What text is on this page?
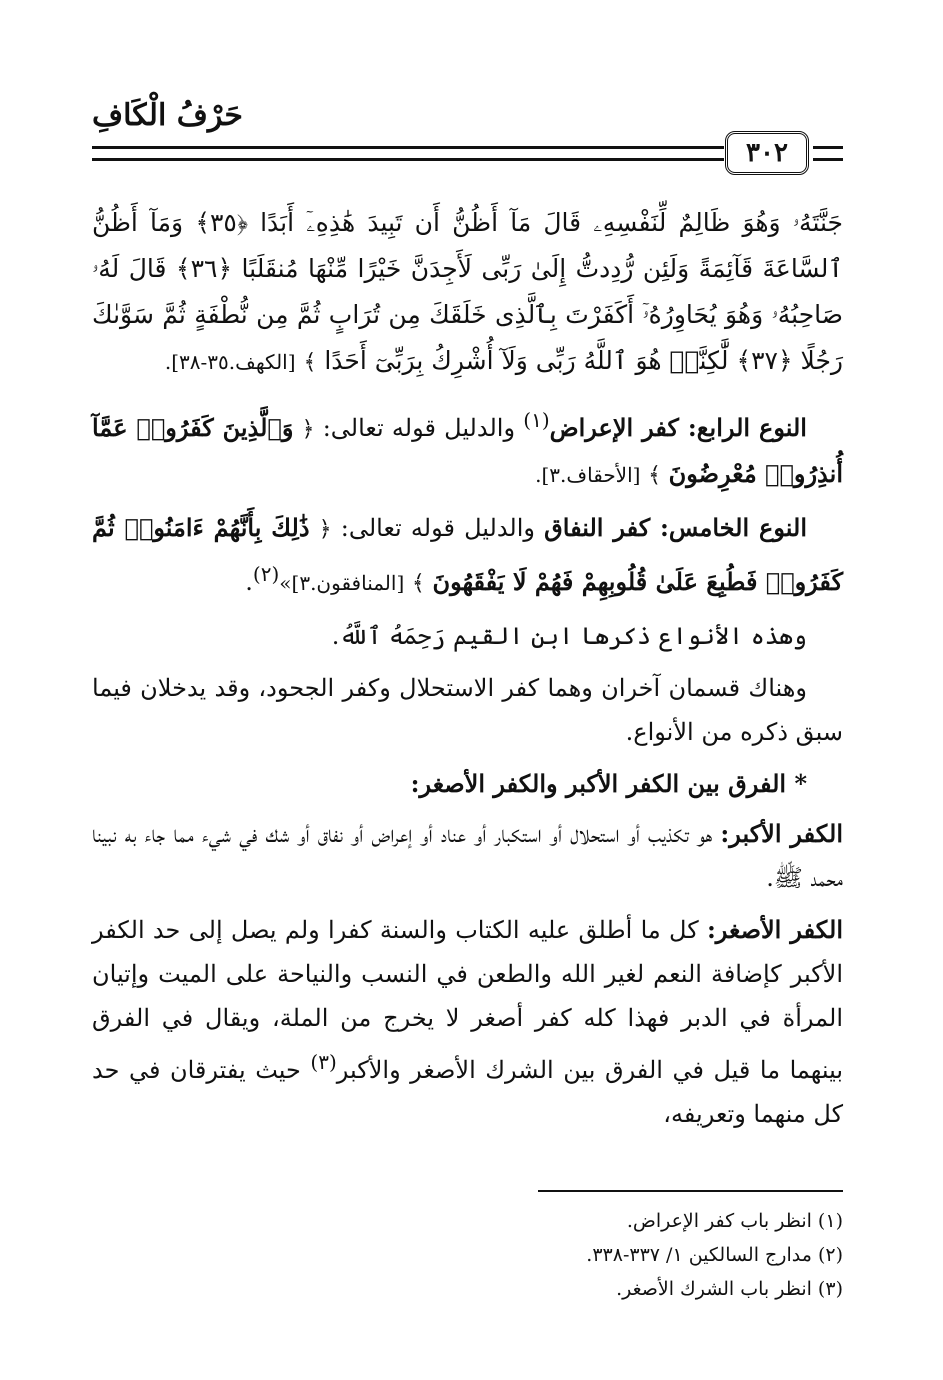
حَرْفُ الْكَافِ
٣٠٢

جَنَّتَهُۥ وَهُوَ ظَالِمٌ لِّنَفْسِهِۦ قَالَ مَآ أَظُنُّ أَن تَبِيدَ هَٰذِهِۦٓ أَبَدًا ﴿٣٥﴾ وَمَآ أَظُنُّ ٱلسَّاعَةَ قَآئِمَةً وَلَئِن رُّدِدتُّ إِلَىٰ رَبِّى لَأَجِدَنَّ خَيْرًا مِّنْهَا مُنقَلَبًا ﴿٣٦﴾ قَالَ لَهُۥ صَاحِبُهُۥ وَهُوَ يُحَاوِرُهُۥٓ أَكَفَرْتَ بِٱلَّذِى خَلَقَكَ مِن تُرَابٍ ثُمَّ مِن نُّطْفَةٍ ثُمَّ سَوَّىٰكَ رَجُلًا ﴿٣٧﴾ لَّٰكِنَّا۠ هُوَ ٱللَّهُ رَبِّى وَلَآ أُشْرِكُ بِرَبِّىٓ أَحَدًا ﴾ [الكهف.٣٥-٣٨].

النوع الرابع: كفر الإعراض$^{(١)}$ والدليل قوله تعالى: ﴿ وَٱلَّذِينَ كَفَرُوا۟ عَمَّآ أُنذِرُوا۟ مُعْرِضُونَ ﴾ [الأحقاف.٣].

النوع الخامس: كفر النفاق والدليل قوله تعالى: ﴿ ذَٰلِكَ بِأَنَّهُمْ ءَامَنُوا۟ ثُمَّ كَفَرُوا۟ فَطُبِعَ عَلَىٰ قُلُوبِهِمْ فَهُمْ لَا يَفْقَهُونَ ﴾ [المنافقون.٣]»$^{(٢)}$.

وهذه الأنواع ذكرها ابن القيم رَحِمَهُ ٱللَّهُ.

وهناك قسمان آخران وهما كفر الاستحلال وكفر الجحود، وقد يدخلان فيما سبق ذكره من الأنواع.

* الفرق بين الكفر الأكبر والكفر الأصغر:

الكفر الأكبر: هو تكذيب أو استحلال أو استكبار أو عناد أو إعراض أو نفاق أو شك في شيء مما جاء به نبينا محمد ﷺ.

الكفر الأصغر: كل ما أطلق عليه الكتاب والسنة كفرا ولم يصل إلى حد الكفر الأكبر كإضافة النعم لغير الله والطعن في النسب والنياحة على الميت وإتيان المرأة في الدبر فهذا كله كفر أصغر لا يخرج من الملة، ويقال في الفرق بينهما ما قيل في الفرق بين الشرك الأصغر والأكبر$^{(٣)}$ حيث يفترقان في حد كل منهما وتعريفه،

(١) انظر باب كفر الإعراض.

(٢) مدارج السالكين ١/ ٣٣٧-٣٣٨.

(٣) انظر باب الشرك الأصغر.
